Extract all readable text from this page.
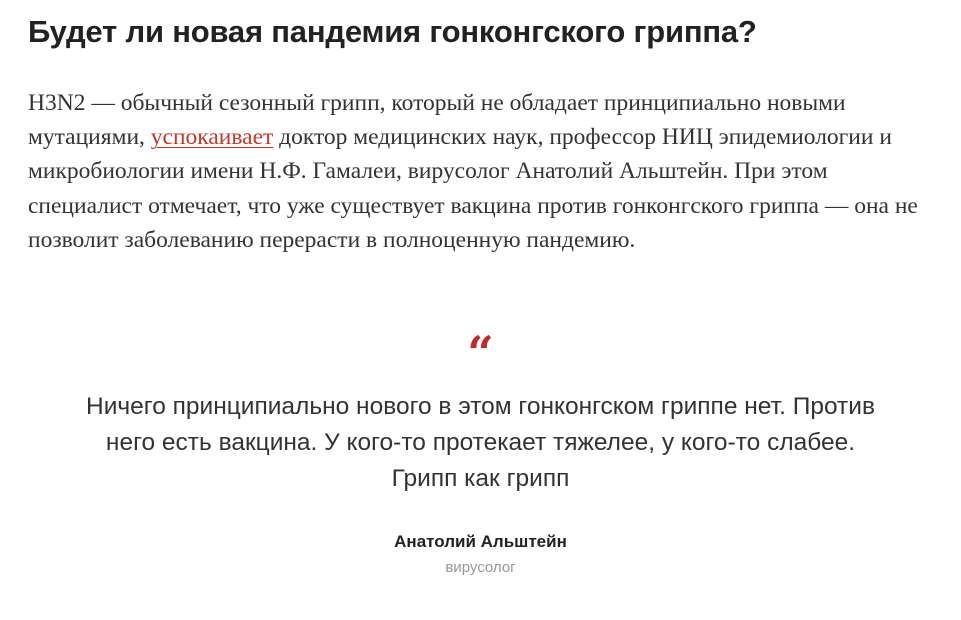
Будет ли новая пандемия гонконгского гриппа?

H3N2 — обычный сезонный грипп, который не обладает принципиально новыми мутациями, успокаивает доктор медицинских наук, профессор НИЦ эпидемиологии и микробиологии имени Н.Ф. Гамалеи, вирусолог Анатолий Альштейн. При этом специалист отмечает, что уже существует вакцина против гонконгского гриппа — она не позволит заболеванию перерасти в полноценную пандемию.

“
Ничего принципиально нового в этом гонконгском гриппе нет. Против него есть вакцина. У кого-то протекает тяжелее, у кого-то слабее. Грипп как грипп
Анатолий Альштейн
вирусолог
